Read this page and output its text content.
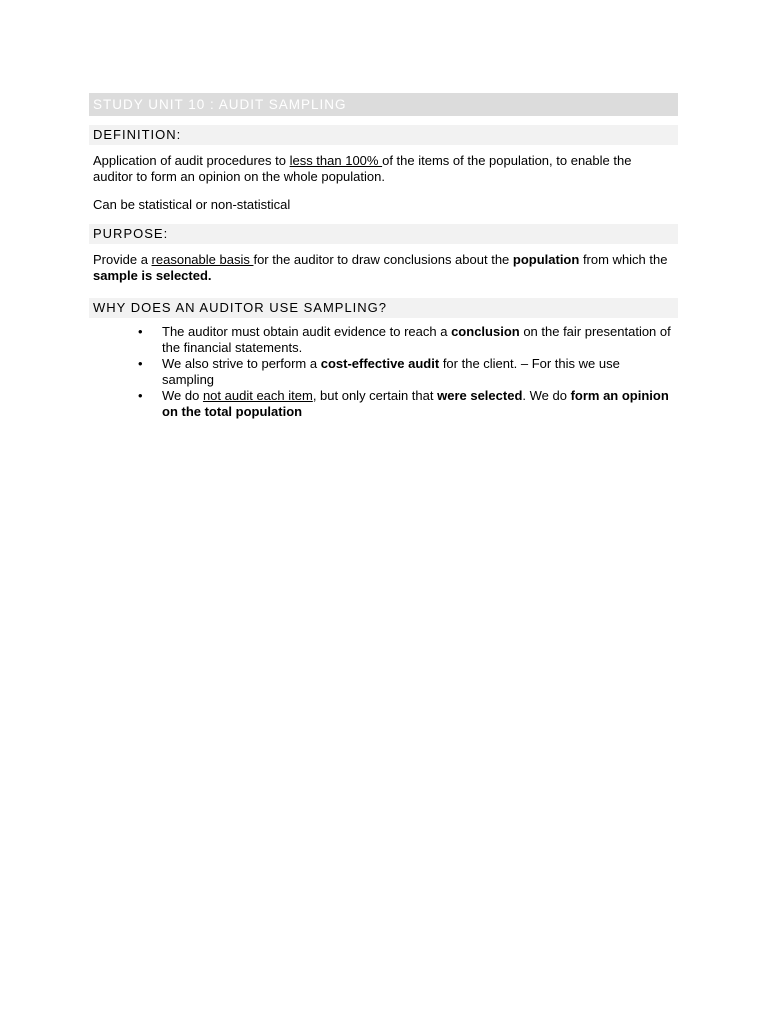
STUDY UNIT 10 : AUDIT SAMPLING
DEFINITION:
Application of audit procedures to less than 100% of the items of the population, to enable the auditor to form an opinion on the whole population.
Can be statistical or non-statistical
PURPOSE:
Provide a reasonable basis for the auditor to draw conclusions about the population from which the sample is selected.
WHY DOES AN AUDITOR USE SAMPLING?
• The auditor must obtain audit evidence to reach a conclusion on the fair presentation of the financial statements.
• We also strive to perform a cost-effective audit for the client. – For this we use sampling
• We do not audit each item, but only certain that were selected. We do form an opinion on the total population
